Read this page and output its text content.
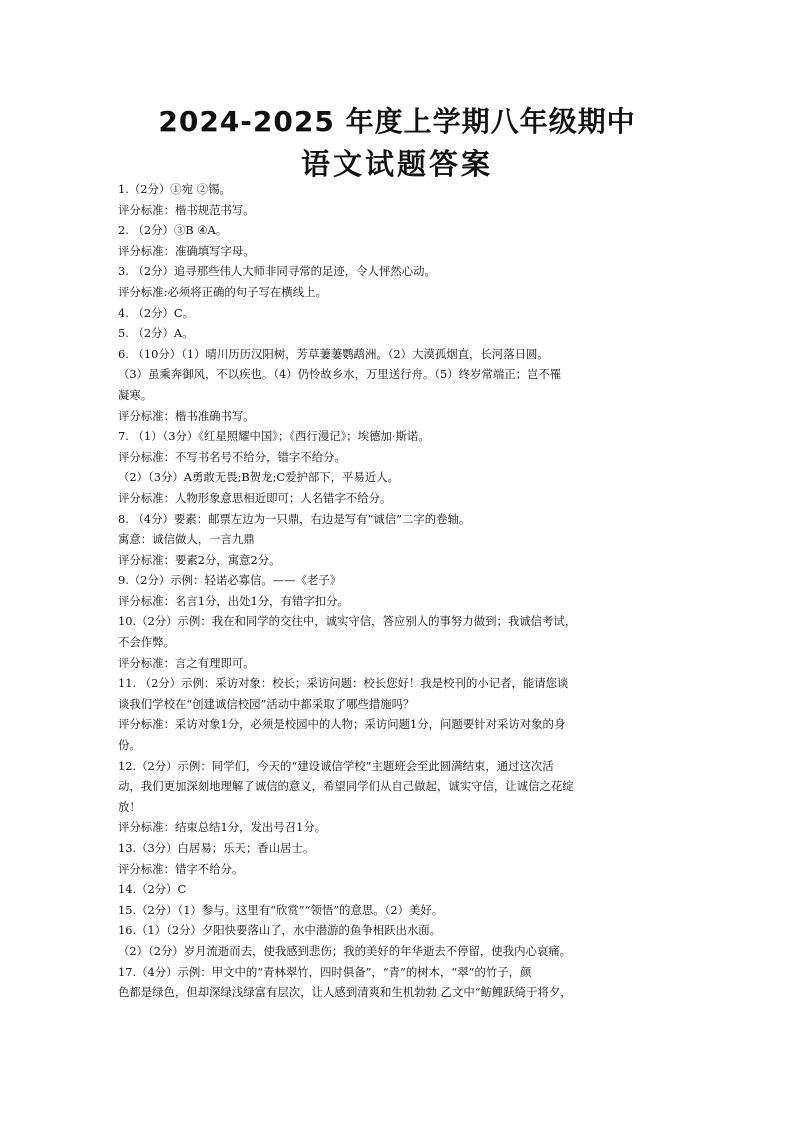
2024-2025 年度上学期八年级期中
语文试题答案
1.（2分）①宛 ②锡。
评分标准：楷书规范书写。
2. （2分）③B ④A。
评分标准：准确填写字母。
3. （2分）追寻那些伟人大师非同寻常的足迹，令人怦然心动。
评分标准:必须将正确的句子写在横线上。
4. （2分）C。
5. （2分）A。
6. （10分）（1）晴川历历汉阳树，芳草萋萋鹦鹉洲。（2）大漠孤烟直，长河落日圆。
（3）虽乘奔御风，不以疾也。（4）仍怜故乡水，万里送行舟。（5）终岁常端正；岂不罹
凝寒。
评分标准：楷书准确书写。
7. （1）（3分）《红星照耀中国》；《西行漫记》；埃德加·斯诺。
评分标准：不写书名号不给分，错字不给分。
（2）（3分）A勇敢无畏;B贺龙;C爱护部下，平易近人。
评分标准：人物形象意思相近即可；人名错字不给分。
8. （4分）要素：邮票左边为一只鼎，右边是写有“诚信”二字的卷轴。
寓意：诚信做人，一言九鼎
评分标准：要素2分，寓意2分。
9.（2分）示例：轻诺必寡信。——《老子》
评分标准：名言1分，出处1分，有错字扣分。
10.（2分）示例：我在和同学的交往中，诚实守信，答应别人的事努力做到；我诚信考试，
不会作弊。
评分标准：言之有理即可。
11. （2分）示例：采访对象：校长；采访问题：校长您好！我是校刊的小记者，能请您谈
谈我们学校在“创建诚信校园”活动中都采取了哪些措施吗？
评分标准：采访对象1分，必须是校园中的人物；采访问题1分，问题要针对采访对象的身
份。
12.（2分）示例：同学们，今天的“建设诚信学校”主题班会至此圆满结束，通过这次活
动，我们更加深刻地理解了诚信的意义，希望同学们从自己做起，诚实守信，让诚信之花绽
放！
评分标准：结束总结1分，发出号召1分。
13.（3分）白居易；乐天；香山居士。
评分标准：错字不给分。
14.（2分）C
15.（2分）（1）参与。这里有“欣赏”“领悟”的意思。（2）美好。
16.（1）（2分）夕阳快要落山了，水中潜游的鱼争相跃出水面。
（2）（2分）岁月流逝而去，使我感到悲伤；我的美好的年华逝去不停留，使我内心哀痛。
17.（4分）示例：甲文中的“青林翠竹，四时俱备”，“青”的树木，“翠”的竹子，颜
色都是绿色，但却深绿浅绿富有层次，让人感到清爽和生机勃勃 乙文中“鲂鲤跃绮于将夕，
